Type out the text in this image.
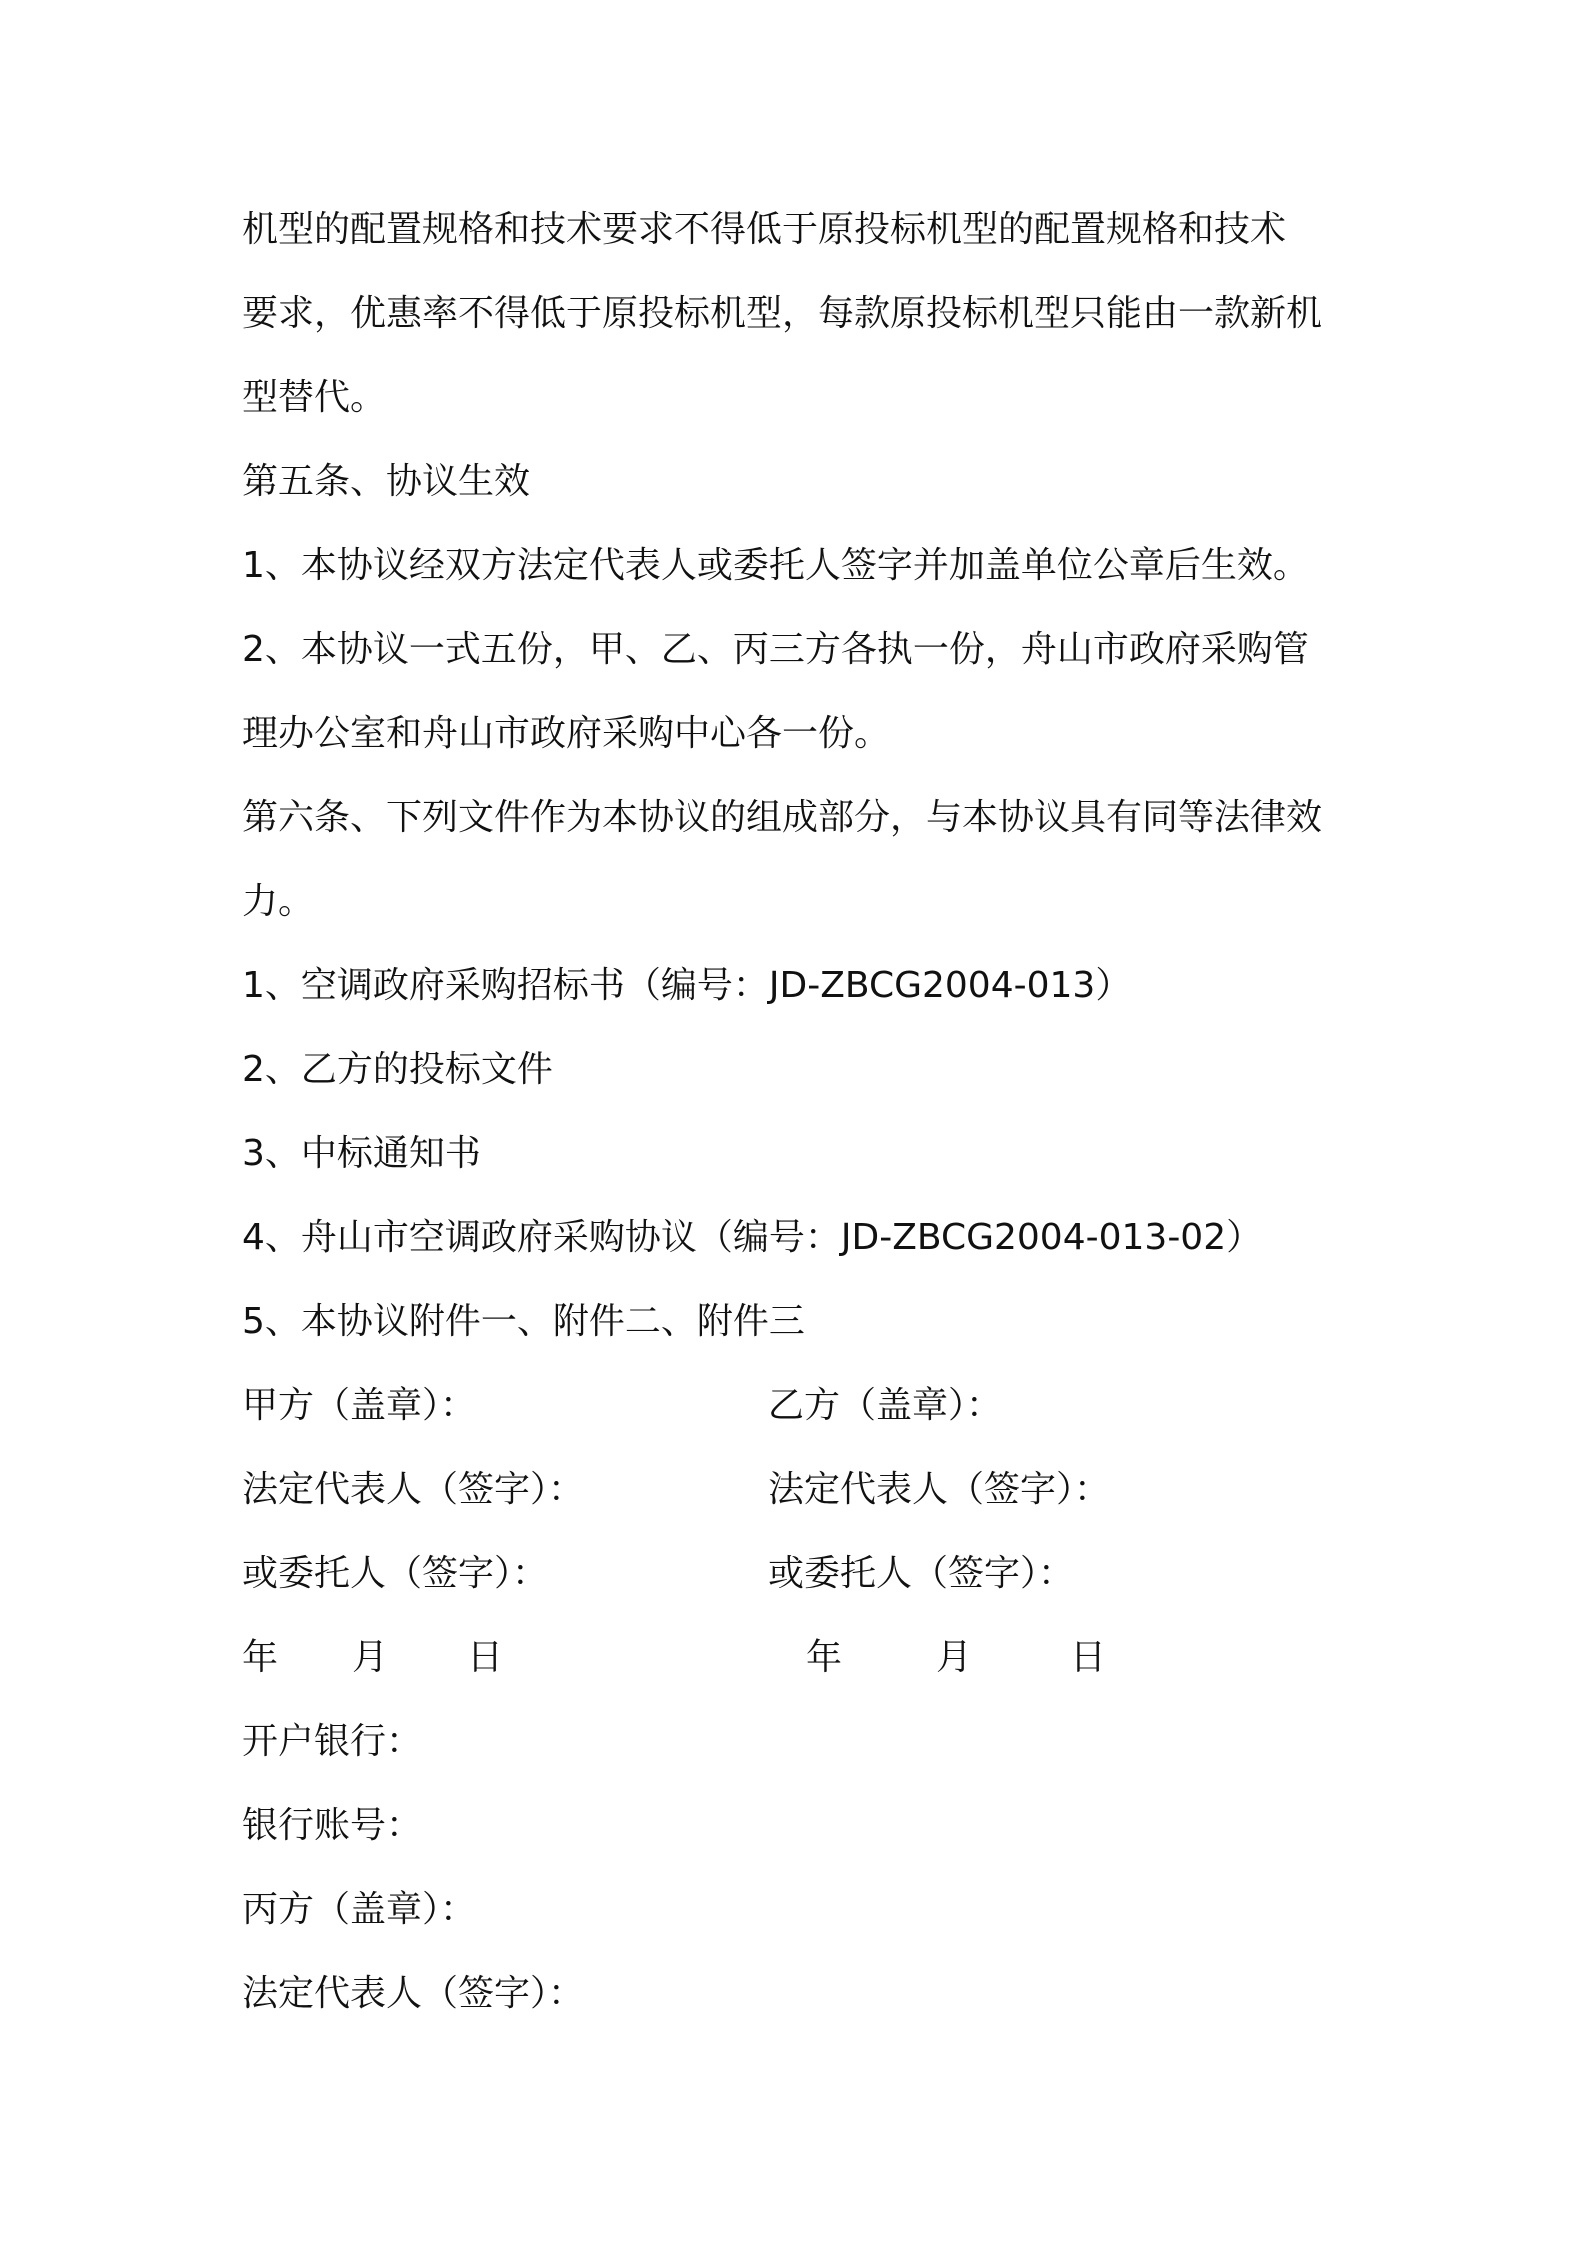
机型的配置规格和技术要求不得低于原投标机型的配置规格和技术
要求，优惠率不得低于原投标机型，每款原投标机型只能由一款新机
型替代。
第五条、协议生效
1、本协议经双方法定代表人或委托人签字并加盖单位公章后生效。
2、本协议一式五份，甲、乙、丙三方各执一份，舟山市政府采购管
理办公室和舟山市政府采购中心各一份。
第六条、下列文件作为本协议的组成部分，与本协议具有同等法律效
力。
1、空调政府采购招标书（编号：JD-ZBCG2004-013）
2、乙方的投标文件
3、中标通知书
4、舟山市空调政府采购协议（编号：JD-ZBCG2004-013-02）
5、本协议附件一、附件二、附件三
甲方（盖章）：	乙方（盖章）：
法定代表人（签字）：	法定代表人（签字）：
或委托人（签字）：	或委托人（签字）：
年 月 日	年	月	日
开户银行：
银行账号：
丙方（盖章）：
法定代表人（签字）：
